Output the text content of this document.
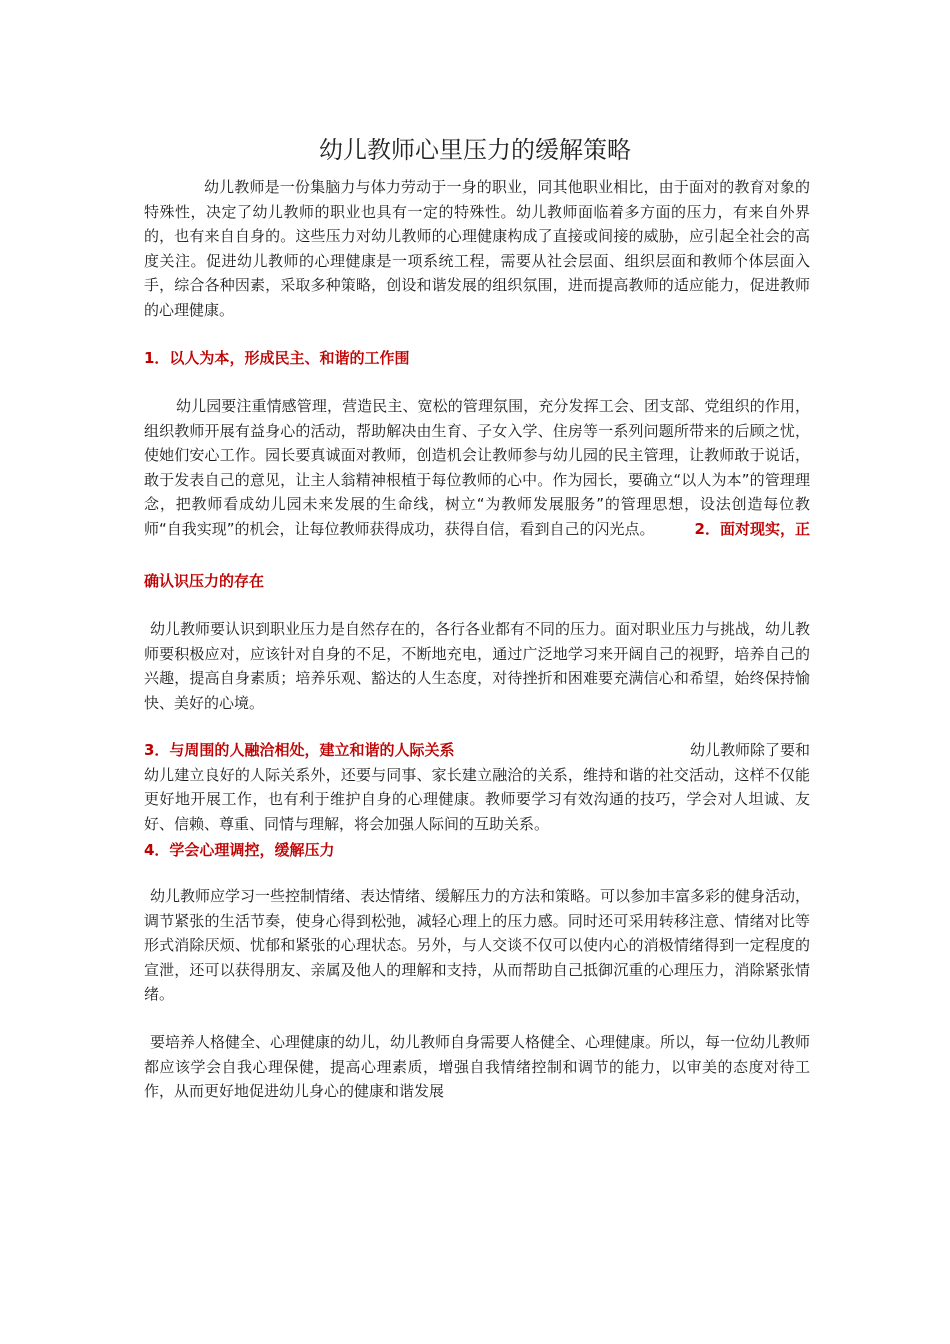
幼儿教师心里压力的缓解策略

幼儿教师是一份集脑力与体力劳动于一身的职业，同其他职业相比，由于面对的教育对象的特殊性，决定了幼儿教师的职业也具有一定的特殊性。幼儿教师面临着多方面的压力，有来自外界的，也有来自自身的。这些压力对幼儿教师的心理健康构成了直接或间接的威胁，应引起全社会的高度关注。促进幼儿教师的心理健康是一项系统工程，需要从社会层面、组织层面和教师个体层面入手，综合各种因素，采取多种策略，创设和谐发展的组织氛围，进而提高教师的适应能力，促进教师的心理健康。

1．以人为本，形成民主、和谐的工作围

幼儿园要注重情感管理，营造民主、宽松的管理氛围，充分发挥工会、团支部、党组织的作用，组织教师开展有益身心的活动，帮助解决由生育、子女入学、住房等一系列问题所带来的后顾之忧，使她们安心工作。园长要真诚面对教师，创造机会让教师参与幼儿园的民主管理，让教师敢于说话，敢于发表自己的意见，让主人翁精神根植于每位教师的心中。作为园长，要确立“以人为本”的管理理念，把教师看成幼儿园未来发展的生命线，树立“为教师发展服务”的管理思想，设法创造每位教师“自我实现”的机会，让每位教师获得成功，获得自信，看到自己的闪光点。	2．面对现实，正

确认识压力的存在

幼儿教师要认识到职业压力是自然存在的，各行各业都有不同的压力。面对职业压力与挑战，幼儿教师要积极应对，应该针对自身的不足，不断地充电，通过广泛地学习来开阔自己的视野，培养自己的兴趣，提高自身素质；培养乐观、豁达的人生态度，对待挫折和困难要充满信心和希望，始终保持愉快、美好的心境。

3．与周围的人融洽相处，建立和谐的人际关系	幼儿教师除了要和

幼儿建立良好的人际关系外，还要与同事、家长建立融洽的关系，维持和谐的社交活动，这样不仅能更好地开展工作，也有利于维护自身的心理健康。教师要学习有效沟通的技巧，学会对人坦诚、友好、信赖、尊重、同情与理解，将会加强人际间的互助关系。

4．学会心理调控，缓解压力

幼儿教师应学习一些控制情绪、表达情绪、缓解压力的方法和策略。可以参加丰富多彩的健身活动，调节紧张的生活节奏，使身心得到松弛，减轻心理上的压力感。同时还可采用转移注意、情绪对比等形式消除厌烦、忧郁和紧张的心理状态。另外，与人交谈不仅可以使内心的消极情绪得到一定程度的宣泄，还可以获得朋友、亲属及他人的理解和支持，从而帮助自己抵御沉重的心理压力，消除紧张情绪。

要培养人格健全、心理健康的幼儿，幼儿教师自身需要人格健全、心理健康。所以，每一位幼儿教师都应该学会自我心理保健，提高心理素质，增强自我情绪控制和调节的能力，以审美的态度对待工作，从而更好地促进幼儿身心的健康和谐发展
